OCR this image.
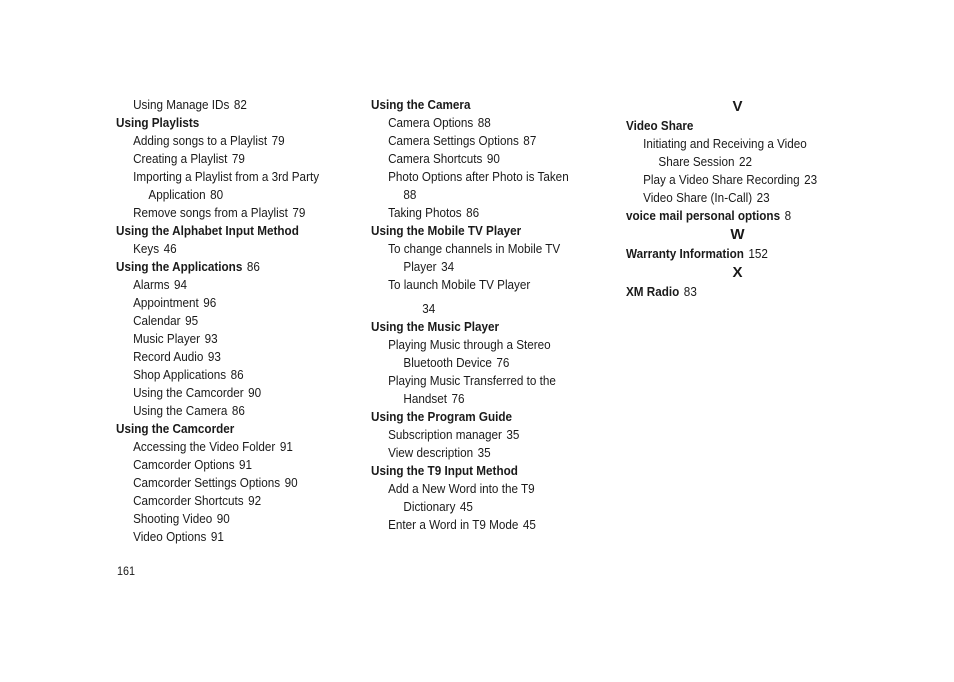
Using Manage IDs 82
Using Playlists
Adding songs to a Playlist 79
Creating a Playlist 79
Importing a Playlist from a 3rd Party
Application 80
Remove songs from a Playlist 79
Using the Alphabet Input Method
Keys 46
Using the Applications 86
Alarms 94
Appointment 96
Calendar 95
Music Player 93
Record Audio 93
Shop Applications 86
Using the Camcorder 90
Using the Camera 86
Using the Camcorder
Accessing the Video Folder 91
Camcorder Options 91
Camcorder Settings Options 90
Camcorder Shortcuts 92
Shooting Video 90
Video Options 91
Using the Camera
Camera Options 88
Camera Settings Options 87
Camera Shortcuts 90
Photo Options after Photo is Taken
88
Taking Photos 86
Using the Mobile TV Player
To change channels in Mobile TV
Player 34
To launch Mobile TV Player
34
Using the Music Player
Playing Music through a Stereo
Bluetooth Device 76
Playing Music Transferred to the
Handset 76
Using the Program Guide
Subscription manager 35
View description 35
Using the T9 Input Method
Add a New Word into the T9
Dictionary 45
Enter a Word in T9 Mode 45
V
Video Share
Initiating and Receiving a Video
Share Session 22
Play a Video Share Recording 23
Video Share (In-Call) 23
voice mail personal options 8
W
Warranty Information 152
X
XM Radio 83
161
